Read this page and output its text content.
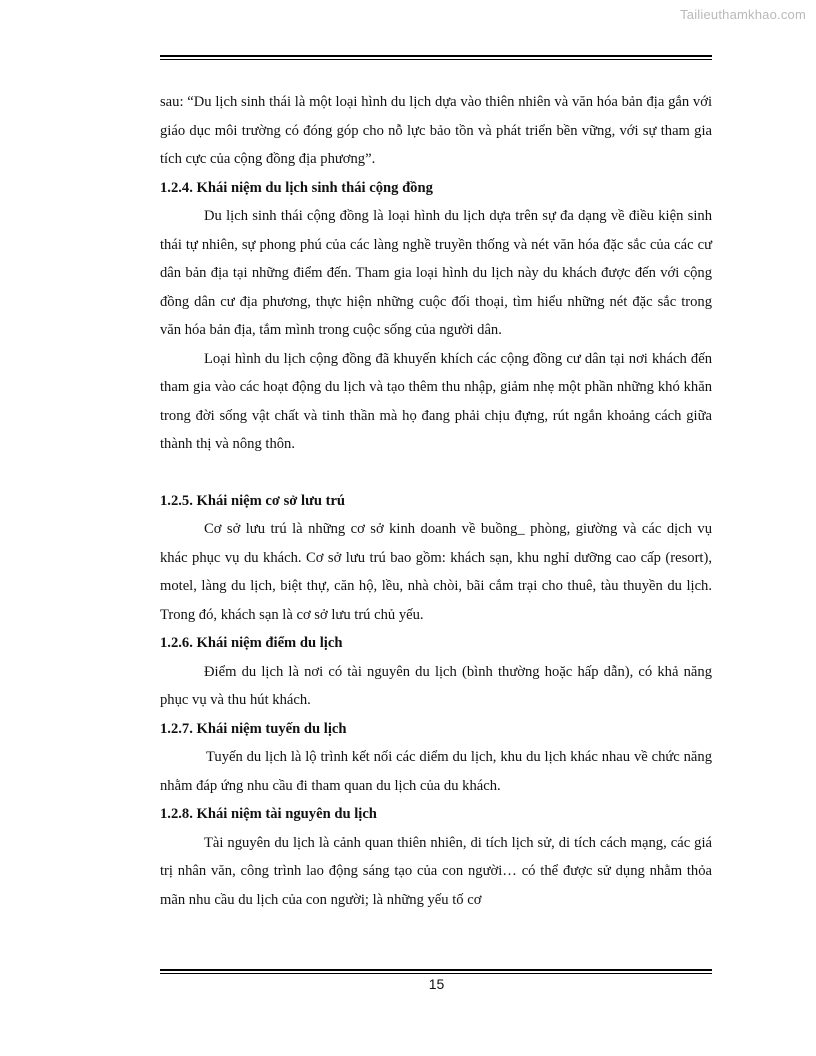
Tailieuthamkhao.com

sau: “Du lịch sinh thái là một loại hình du lịch dựa vào thiên nhiên và văn hóa bản địa gắn với giáo dục môi trường có đóng góp cho nỗ lực bảo tồn và phát triển bền vững, với sự tham gia tích cực của cộng đồng địa phương”.

1.2.4. Khái niệm du lịch sinh thái cộng đồng

Du lịch sinh thái cộng đồng là loại hình du lịch dựa trên sự đa dạng về điều kiện sinh thái tự nhiên, sự phong phú của các làng nghề truyền thống và nét văn hóa đặc sắc của các cư dân bản địa tại những điểm đến. Tham gia loại hình du lịch này du khách được đến với cộng đồng dân cư địa phương, thực hiện những cuộc đối thoại, tìm hiểu những nét đặc sắc trong văn hóa bản địa, tắm mình trong cuộc sống của người dân.

Loại hình du lịch cộng đồng đã khuyến khích các cộng đồng cư dân tại nơi khách đến tham gia vào các hoạt động du lịch và tạo thêm thu nhập, giảm nhẹ một phần những khó khăn trong đời sống vật chất và tinh thần mà họ đang phải chịu đựng, rút ngắn khoảng cách giữa thành thị và nông thôn.

1.2.5. Khái niệm cơ sở lưu trú

Cơ sở lưu trú là những cơ sở kinh doanh về buồng_ phòng, giường và các dịch vụ khác phục vụ du khách. Cơ sở lưu trú bao gồm: khách sạn, khu nghỉ dưỡng cao cấp (resort), motel, làng du lịch, biệt thự, căn hộ, lều, nhà chòi, bãi cắm trại cho thuê, tàu thuyền du lịch. Trong đó, khách sạn là cơ sở lưu trú chủ yếu.

1.2.6. Khái niệm điểm du lịch

Điểm du lịch là nơi có tài nguyên du lịch (bình thường hoặc hấp dẫn), có khả năng phục vụ và thu hút khách.

1.2.7. Khái niệm tuyến du lịch

Tuyến du lịch là lộ trình kết nối các diểm du lịch, khu du lịch khác nhau về chức năng nhằm đáp ứng nhu cầu đi tham quan du lịch của du khách.

1.2.8. Khái niệm tài nguyên du lịch

Tài nguyên du lịch là cảnh quan thiên nhiên, di tích lịch sử, di tích cách mạng, các giá trị nhân văn, công trình lao động sáng tạo của con người… có thể được sử dụng nhằm thỏa mãn nhu cầu du lịch của con người; là những yếu tố cơ

15
